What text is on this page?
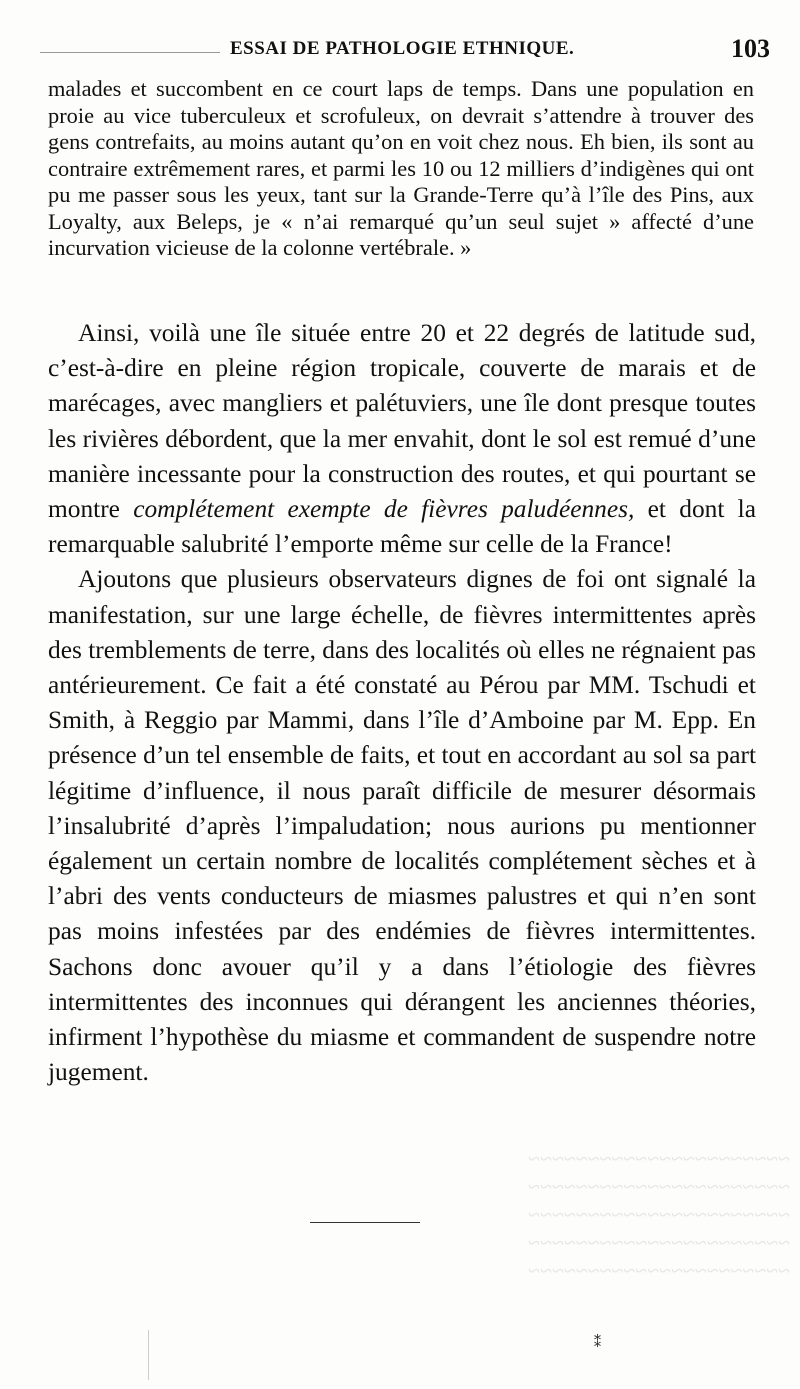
~~~~~~~~~~~~~~~~~~~~~~
~~~~~~~~~~~~~~~~~~~~~~
~~~~~~~~~~~~~~~~~~~~~~
~~~~~~~~~~~~~~~~~~~~~~
~~~~~~~~~~~~~~~~~~~~~~
ESSAI DE PATHOLOGIE ETHNIQUE.	103

malades et succombent en ce court laps de temps. Dans une population en proie au vice tuberculeux et scrofuleux, on devrait s’attendre à trouver des gens contrefaits, au moins autant qu’on en voit chez nous. Eh bien, ils sont au contraire extrêmement rares, et parmi les 10 ou 12 milliers d’indigènes qui ont pu me passer sous les yeux, tant sur la Grande-Terre qu’à l’île des Pins, aux Loyalty, aux Beleps, je « n’ai remarqué qu’un seul sujet » affecté d’une incurvation vicieuse de la colonne vertébrale. »

Ainsi, voilà une île située entre 20 et 22 degrés de latitude sud, c’est-à-dire en pleine région tropicale, couverte de marais et de marécages, avec mangliers et palétuviers, une île dont presque toutes les rivières débordent, que la mer envahit, dont le sol est remué d’une manière incessante pour la construction des routes, et qui pourtant se montre complétement exempte de fièvres paludéennes, et dont la remarquable salubrité l’emporte même sur celle de la France!

Ajoutons que plusieurs observateurs dignes de foi ont signalé la manifestation, sur une large échelle, de fièvres intermittentes après des tremblements de terre, dans des localités où elles ne régnaient pas antérieurement. Ce fait a été constaté au Pérou par MM. Tschudi et Smith, à Reggio par Mammi, dans l’île d’Amboine par M. Epp. En présence d’un tel ensemble de faits, et tout en accordant au sol sa part légitime d’influence, il nous paraît difficile de mesurer désormais l’insalubrité d’après l’impaludation; nous aurions pu mentionner également un certain nombre de localités complétement sèches et à l’abri des vents conducteurs de miasmes palustres et qui n’en sont pas moins infestées par des endémies de fièvres intermittentes. Sachons donc avouer qu’il y a dans l’étiologie des fièvres intermittentes des inconnues qui dérangent les anciennes théories, infirment l’hypothèse du miasme et commandent de suspendre notre jugement.

⁑
